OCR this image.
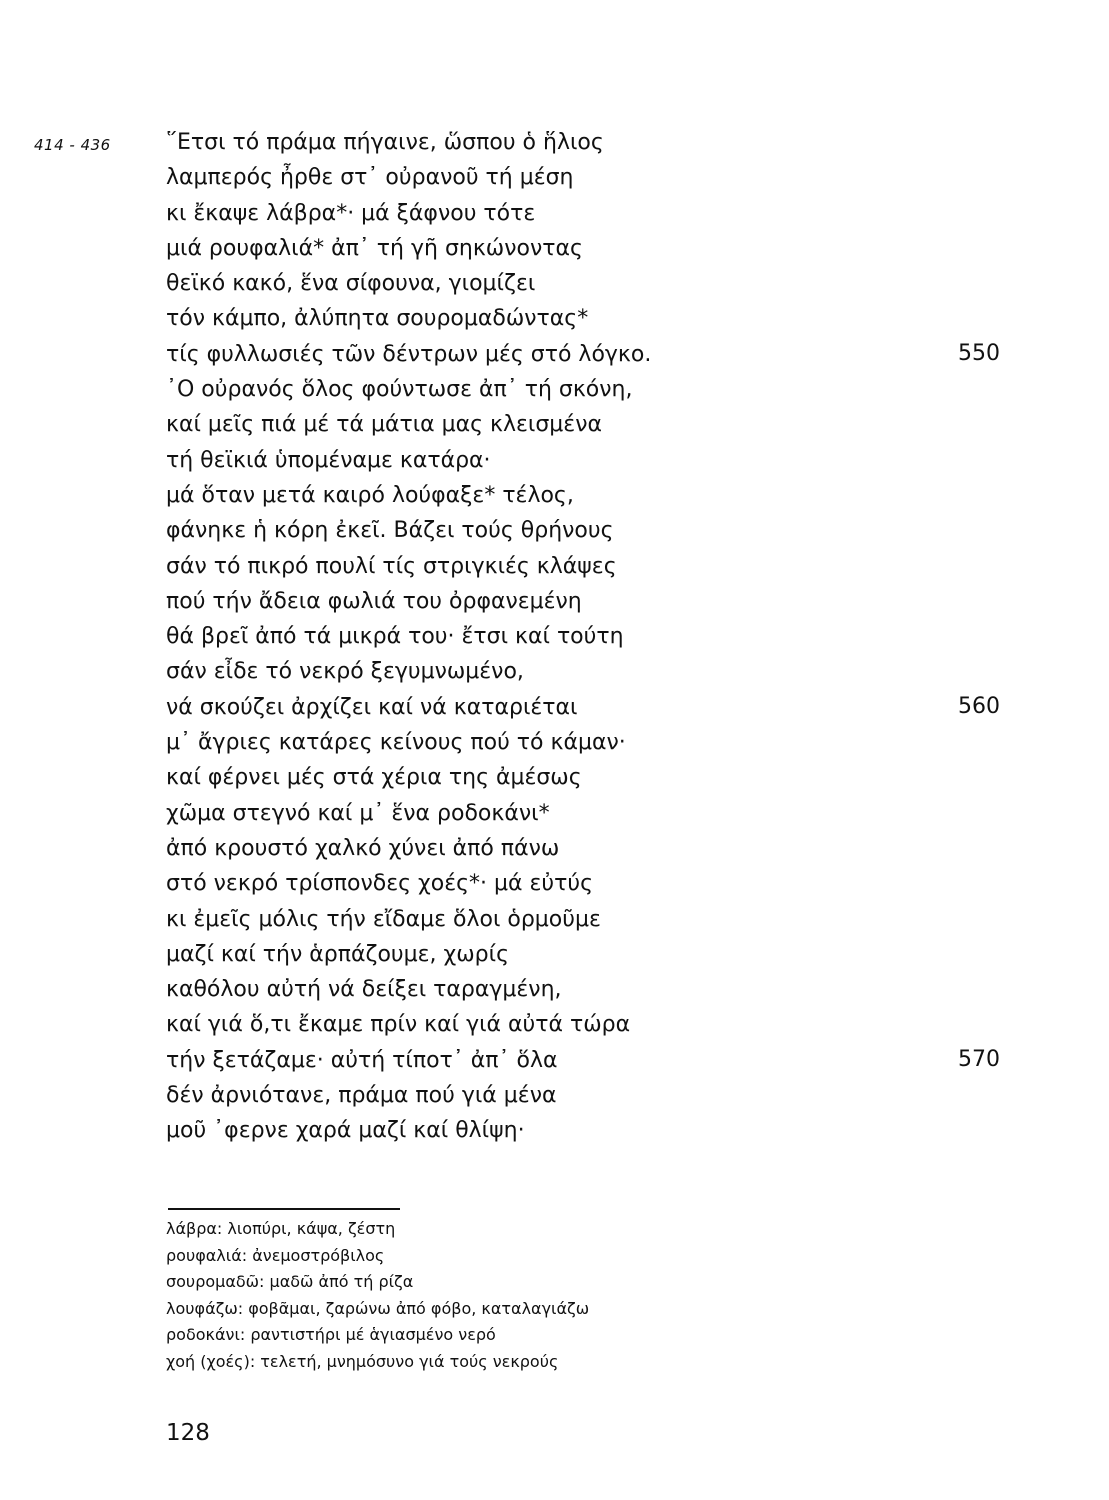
414 - 436	῞Ετσι τό πράμα πήγαινε, ὥσπου ὁ ἥλιος
λαμπερός ἦρθε στ᾿ οὐρανοῦ τή μέση
κι ἔκαψε λάβρα*· μά ξάφνου τότε
μιά ρουφαλιά* ἀπ᾿ τή γῆ σηκώνοντας
θεϊκό κακό, ἕνα σίφουνα, γιομίζει
τόν κάμπο, ἀλύπητα σουρομαδώντας*
τίς φυλλωσιές τῶν δέντρων μές στό λόγκο.
᾿Ο οὐρανός ὅλος φούντωσε ἀπ᾿ τή σκόνη,
καί μεῖς πιά μέ τά μάτια μας κλεισμένα
τή θεϊκιά ὑπομέναμε κατάρα·
μά ὅταν μετά καιρό λούφαξε* τέλος,
φάνηκε ἡ κόρη ἐκεῖ. Βάζει τούς θρήνους
σάν τό πικρό πουλί τίς στριγκιές κλάψες
πού τήν ἄδεια φωλιά του ὀρφανεμένη
θά βρεῖ ἀπό τά μικρά του· ἔτσι καί τούτη
σάν εἶδε τό νεκρό ξεγυμνωμένο,
νά σκούζει ἀρχίζει καί νά καταριέται
μ᾿ ἄγριες κατάρες κείνους πού τό κάμαν·
καί φέρνει μές στά χέρια της ἀμέσως
χῶμα στεγνό καί μ᾿ ἕνα ροδοκάνι*
ἀπό κρουστό χαλκό χύνει ἀπό πάνω
στό νεκρό τρίσπονδες χοές*· μά εὐτύς
κι ἐμεῖς μόλις τήν εἴδαμε ὅλοι ὁρμοῦμε
μαζί καί τήν ἁρπάζουμε, χωρίς
καθόλου αὐτή νά δείξει ταραγμένη,
καί γιά ὅ,τι ἔκαμε πρίν καί γιά αὐτά τώρα
τήν ξετάζαμε· αὐτή τίποτ᾿ ἀπ᾿ ὅλα
δέν ἀρνιότανε, πράμα πού γιά μένα
μοῦ ᾿φερνε χαρά μαζί καί θλίψη·
550
560
570
λάβρα: λιοπύρι, κάψα, ζέστη
ρουφαλιά: ἀνεμοστρόβιλος
σουρομαδῶ: μαδῶ ἀπό τή ρίζα
λουφάζω: φοβᾶμαι, ζαρώνω ἀπό φόβο, καταλαγιάζω
ροδοκάνι: ραντιστήρι μέ ἁγιασμένο νερό
χοή (χοές): τελετή, μνημόσυνο γιά τούς νεκρούς
128
